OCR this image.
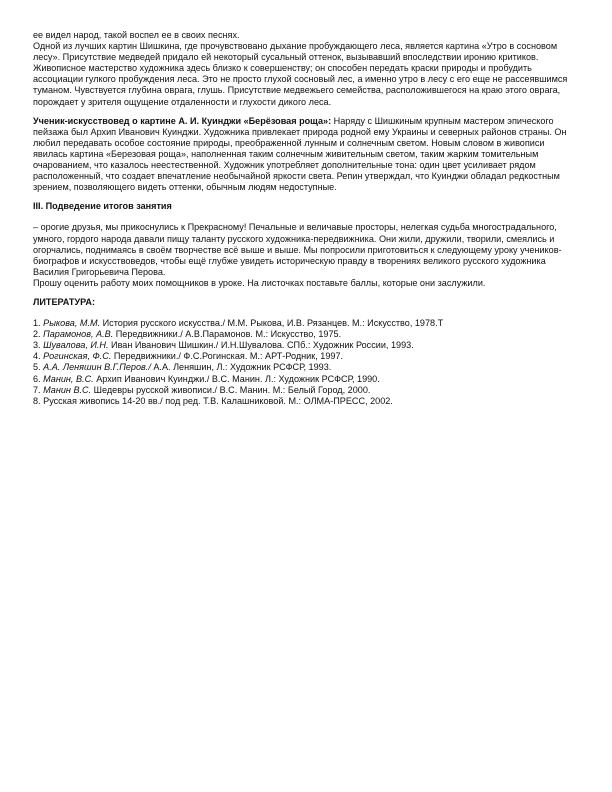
ее видел народ, такой воспел ее в своих песнях.

Одной из лучших картин Шишкина, где прочувствовано дыхание пробуждающего леса, является картина «Утро в сосновом лесу». Присутствие медведей придало ей некоторый сусальный оттенок, вызывавший впоследствии иронию критиков.

Живописное мастерство художника здесь близко к совершенству; он способен передать краски природы и пробудить ассоциации гулкого пробуждения леса. Это не просто глухой сосновый лес, а именно утро в лесу с его еще не рассеявшимся туманом. Чувствуется глубина оврага, глушь. Присутствие медвежьего семейства, расположившегося на краю этого оврага, порождает у зрителя ощущение отдаленности и глухости дикого леса.

Ученик-искусствовед о картине А. И. Куинджи «Берёзовая роща»: Наряду с Шишкиным крупным мастером эпического пейзажа был Архип Иванович Куинджи. Художника привлекает природа родной ему Украины и северных районов страны. Он любил передавать особое состояние природы, преображенной лунным и солнечным светом. Новым словом в живописи явилась картина «Березовая роща», наполненная таким солнечным живительным светом, таким жарким томительным очарованием, что казалось неестественной. Художник употребляет дополнительные тона: один цвет усиливает рядом расположенный, что создает впечатление необычайной яркости света. Репин утверждал, что Куинджи обладал редкостным зрением, позволяющего видеть оттенки, обычным людям недоступные.

III. Подведение итогов занятия

– орогие друзья, мы прикоснулись к Прекрасному! Печальные и величавые просторы, нелегкая судьба многострадального, умного, гордого народа давали пищу таланту русского художника-передвижника. Они жили, дружили, творили, смеялись и огорчались, поднимаясь в своём творчестве всё выше и выше. Мы попросили приготовиться к следующему уроку учеников-биографов и искусствоведов, чтобы ещё глубже увидеть историческую правду в творениях великого русского художника Василия Григорьевича Перова.

Прошу оценить работу моих помощников в уроке. На листочках поставьте баллы, которые они заслужили.

ЛИТЕРАТУРА:

1. Рыкова, М.М. История русского искусства./ М.М. Рыкова, И.В. Рязанцев. М.: Искусство, 1978.Т
2. Парамонов, А.В. Передвижники./ А.В.Парамонов. М.: Искусство, 1975.
3. Шувалова, И.Н. Иван Иванович Шишкин./ И.Н.Шувалова. СПб.: Художник России, 1993.
4. Рогинская, Ф.С. Передвижники./ Ф.С.Рогинская. М.: АРТ-Родник, 1997.
5. А.А. Леняшин В.Г.Перов./ А.А. Леняшин, Л.: Художник РСФСР, 1993.
6. Манин, В.С. Архип Иванович Куинджи./ В.С. Манин. Л.: Художник РСФСР, 1990.
7. Манин В.С. Шедевры русской живописи./ В.С. Манин. М.: Белый Город, 2000.
8. Русская живопись 14-20 вв./ под ред. Т.В. Калашниковой. М.: ОЛМА-ПРЕСС, 2002.
